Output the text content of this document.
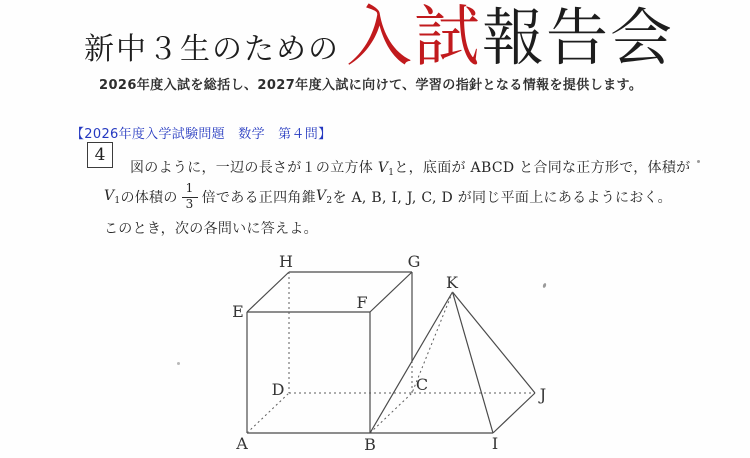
新中３生のための 入試 報告会

2026年度入試を総括し、2027年度入試に向けて、学習の指針となる情報を提供します。

【2026年度入学試験問題　数学　第４問】

4

図のように，一辺の長さが１の立方体 $V_1$と，底面が ABCD と合同な正方形で，体積が

$V_1$ の体積の $\frac{1}{3}$ 倍である正四角錐 $V_2$ を A, B, I, J, C, D が同じ平面上にあるようにおく。

このとき，次の各問いに答えよ。

A	B
C
D
E	F
G
H
I
J
K
